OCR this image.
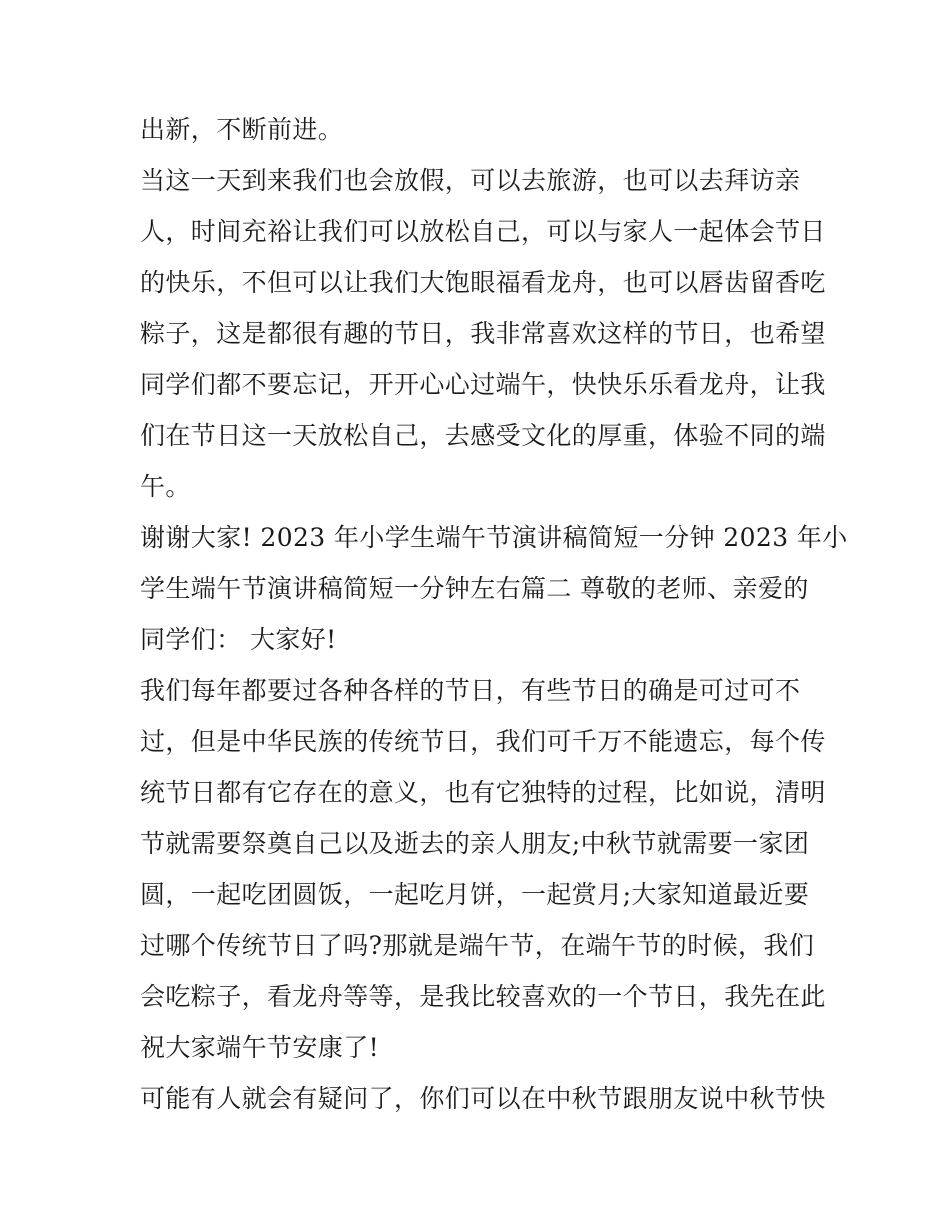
出新，不断前进。
当这一天到来我们也会放假，可以去旅游，也可以去拜访亲
人，时间充裕让我们可以放松自己，可以与家人一起体会节日
的快乐，不但可以让我们大饱眼福看龙舟，也可以唇齿留香吃
粽子，这是都很有趣的节日，我非常喜欢这样的节日，也希望
同学们都不要忘记，开开心心过端午，快快乐乐看龙舟，让我
们在节日这一天放松自己，去感受文化的厚重，体验不同的端
午。
谢谢大家! 2023 年小学生端午节演讲稿简短一分钟 2023 年小
学生端午节演讲稿简短一分钟左右篇二 尊敬的老师、亲爱的
同学们： 大家好!
我们每年都要过各种各样的节日，有些节日的确是可过可不
过，但是中华民族的传统节日，我们可千万不能遗忘，每个传
统节日都有它存在的意义，也有它独特的过程，比如说，清明
节就需要祭奠自己以及逝去的亲人朋友;中秋节就需要一家团
圆，一起吃团圆饭，一起吃月饼，一起赏月;大家知道最近要
过哪个传统节日了吗?那就是端午节，在端午节的时候，我们
会吃粽子，看龙舟等等，是我比较喜欢的一个节日，我先在此
祝大家端午节安康了!
可能有人就会有疑问了，你们可以在中秋节跟朋友说中秋节快
